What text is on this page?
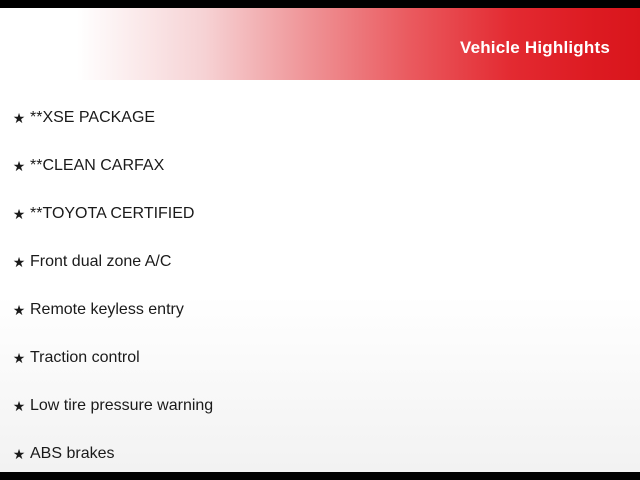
Vehicle Highlights
★ **XSE PACKAGE
★ **CLEAN CARFAX
★ **TOYOTA CERTIFIED
★ Front dual zone A/C
★ Remote keyless entry
★ Traction control
★ Low tire pressure warning
★ ABS brakes
